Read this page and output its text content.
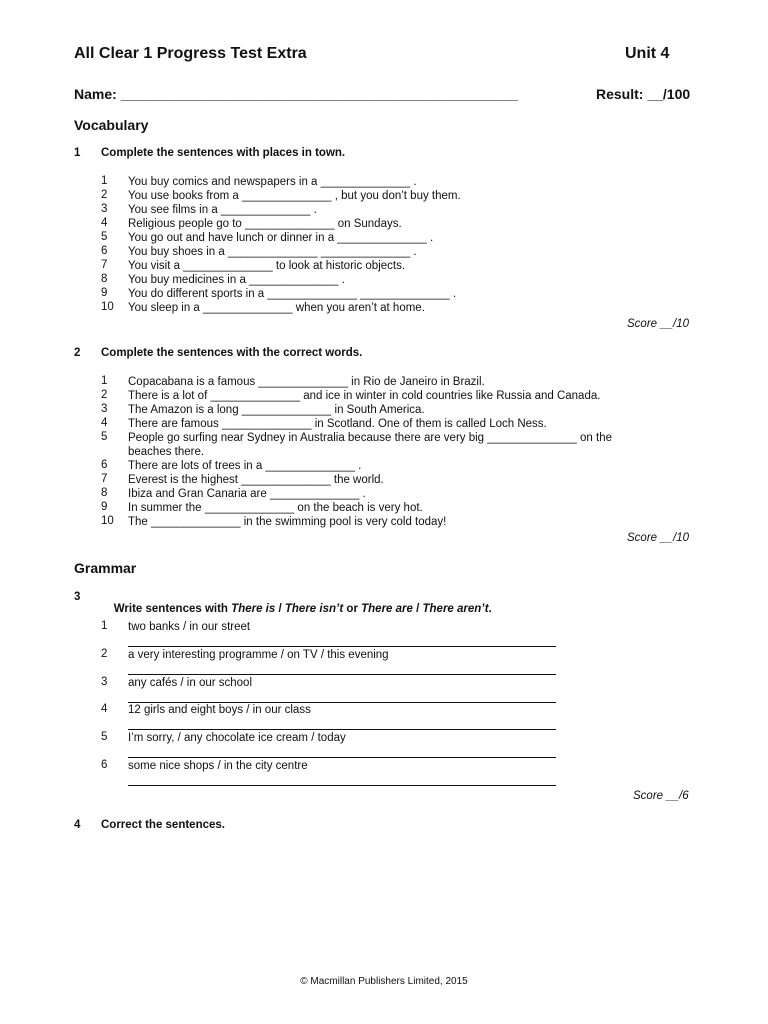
All Clear 1 Progress Test Extra	Unit 4
Name: ___________________________________________________	Result: __/100
Vocabulary
1 Complete the sentences with places in town.
1 You buy comics and newspapers in a ______________ .
2 You use books from a ______________ , but you don’t buy them.
3 You see films in a ______________ .
4 Religious people go to ______________ on Sundays.
5 You go out and have lunch or dinner in a ______________ .
6 You buy shoes in a ______________ ______________ .
7 You visit a ______________ to look at historic objects.
8 You buy medicines in a ______________ .
9 You do different sports in a ______________ ______________ .
10 You sleep in a ______________ when you aren’t at home.
Score __/10
2 Complete the sentences with the correct words.
1 Copacabana is a famous ______________ in Rio de Janeiro in Brazil.
2 There is a lot of ______________ and ice in winter in cold countries like Russia and Canada.
3 The Amazon is a long ______________ in South America.
4 There are famous ______________ in Scotland. One of them is called Loch Ness.
5 People go surfing near Sydney in Australia because there are very big ______________ on the
beaches there.
6 There are lots of trees in a ______________ .
7 Everest is the highest ______________ the world.
8 Ibiza and Gran Canaria are ______________ .
9 In summer the ______________ on the beach is very hot.
10 The ______________ in the swimming pool is very cold today!
Score __/10
Grammar
3

Write sentences with There is / There isn’t or There are / There aren’t.

1 two banks / in our street
2 a very interesting programme / on TV / this evening
3 any cafés / in our school
4 12 girls and eight boys / in our class
5 I’m sorry, / any chocolate ice cream / today
6 some nice shops / in the city centre
Score __/6
4 Correct the sentences.
© Macmillan Publishers Limited, 2015
